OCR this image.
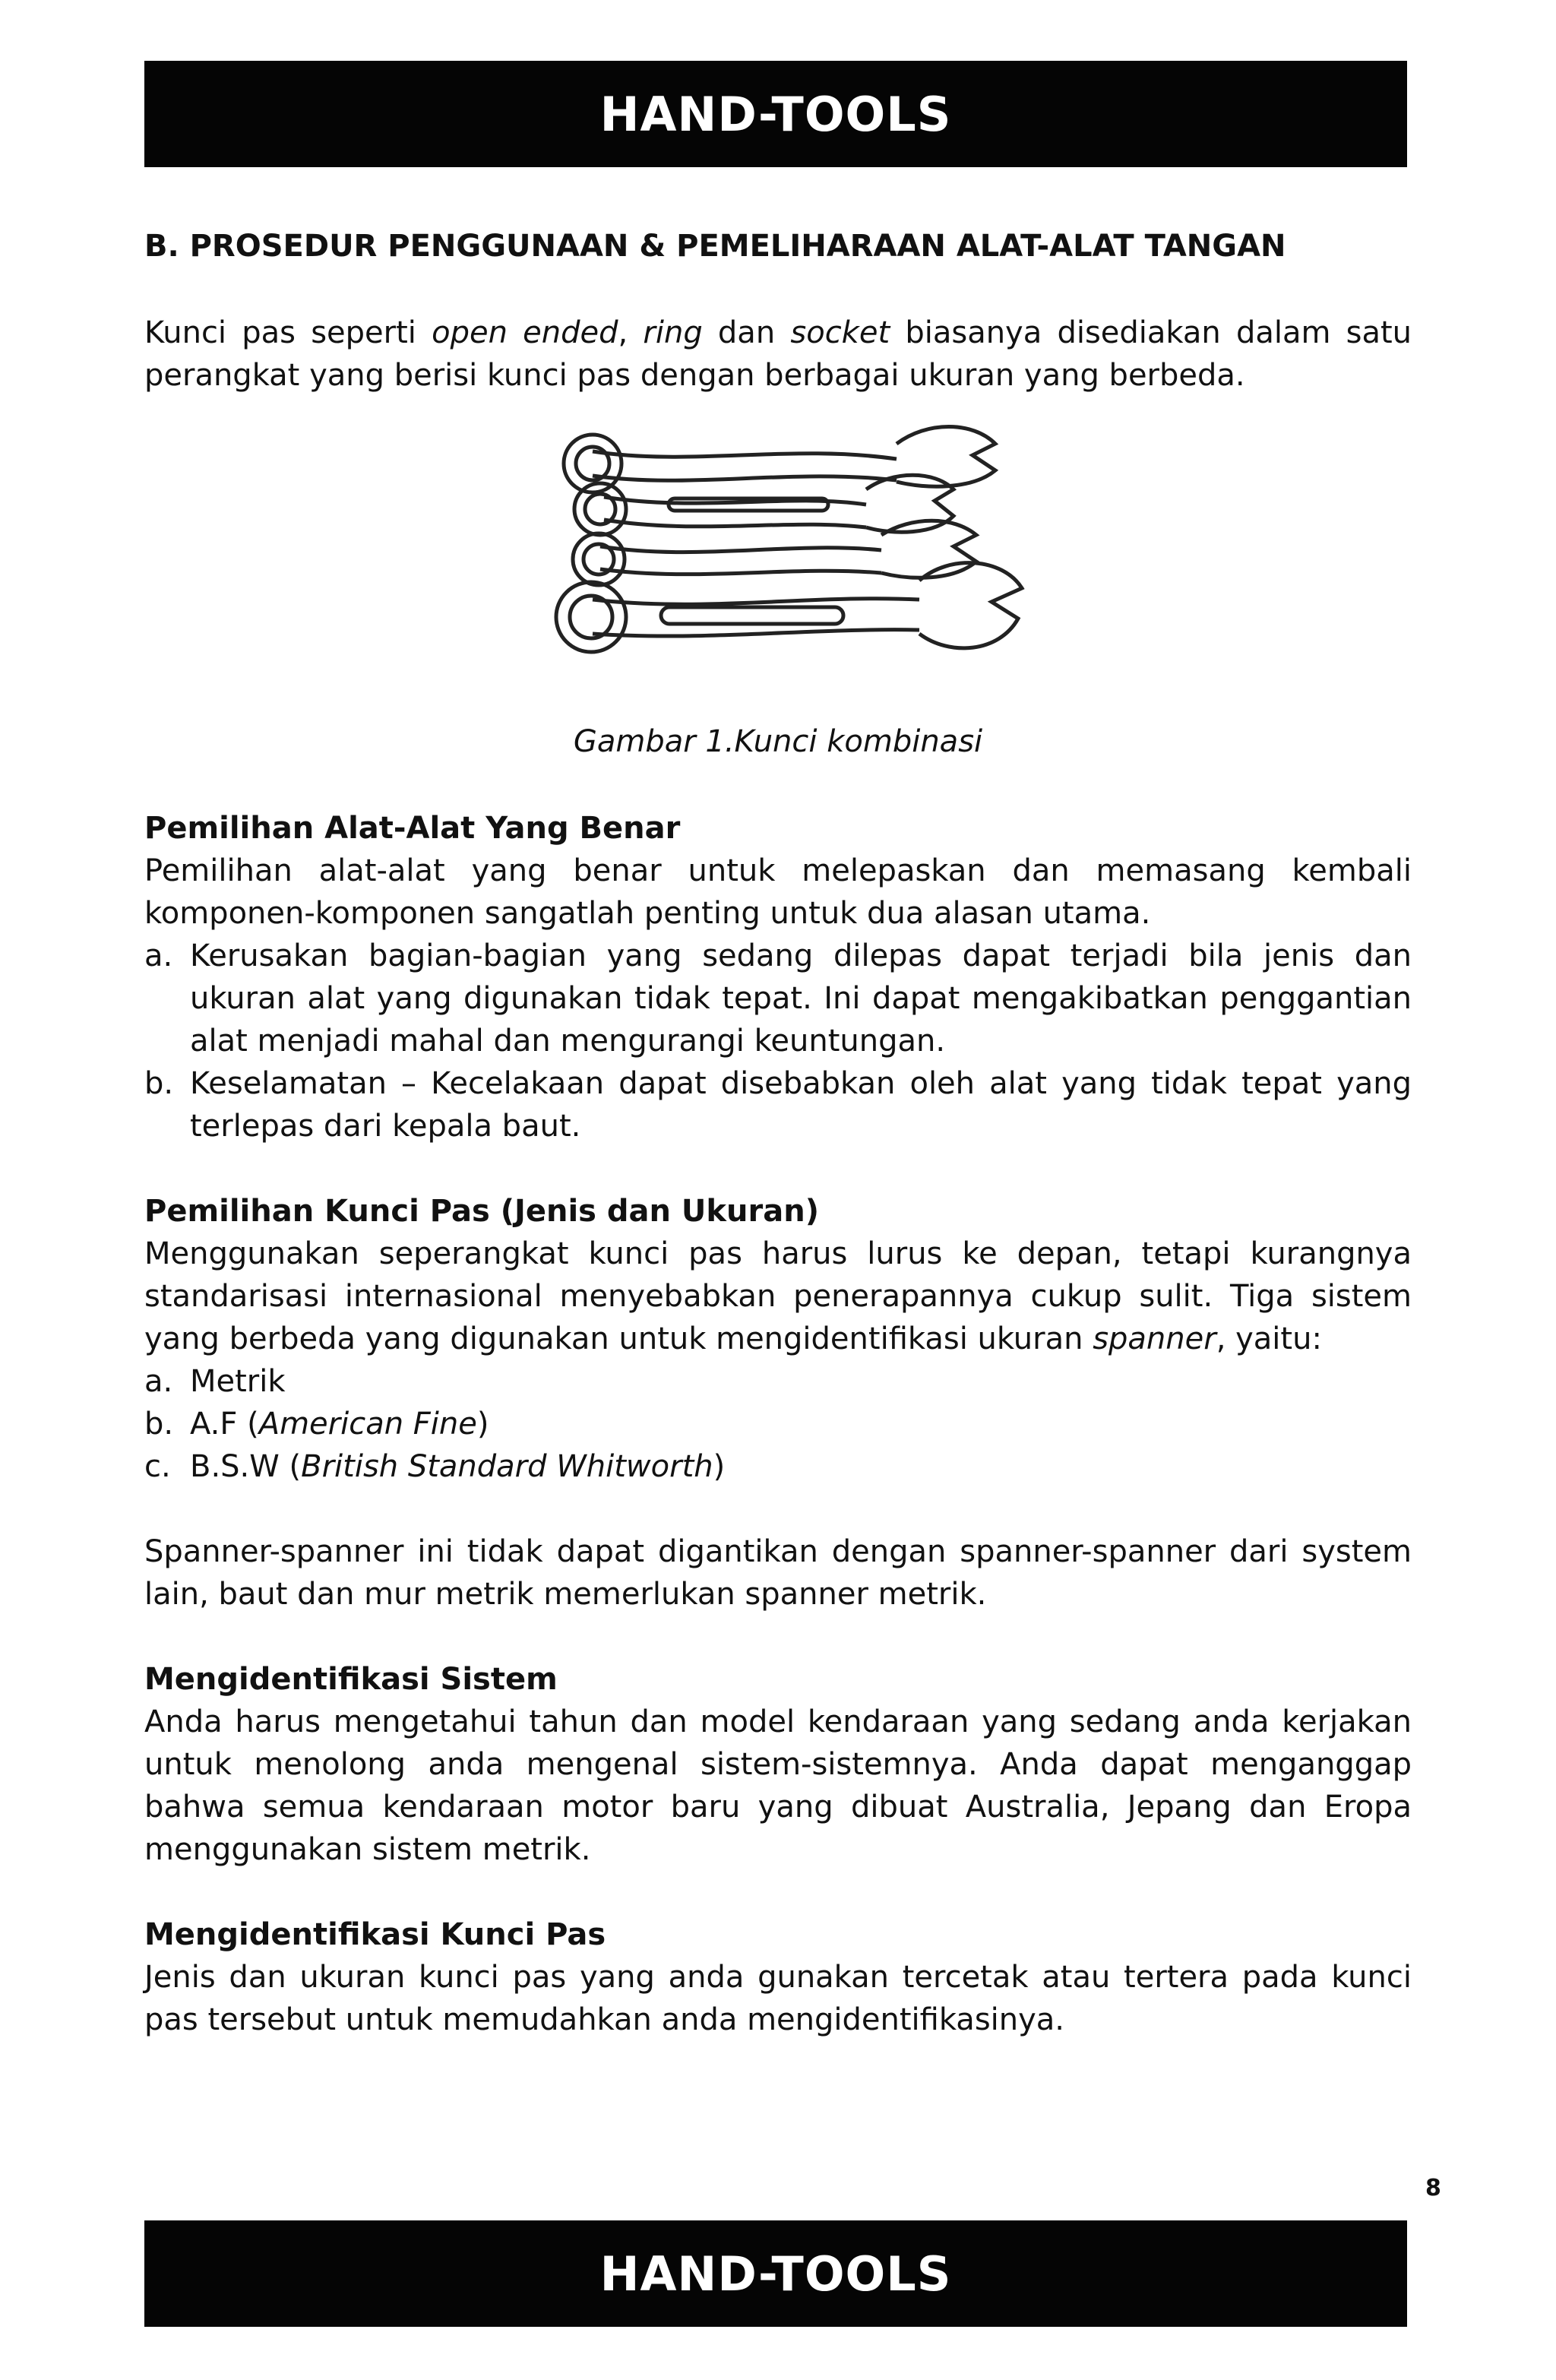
HAND-TOOLS
B. PROSEDUR PENGGUNAAN & PEMELIHARAAN ALAT-ALAT TANGAN

Kunci pas seperti open ended, ring dan socket biasanya disediakan dalam satu perangkat yang berisi kunci pas dengan berbagai ukuran yang berbeda.

Gambar 1.Kunci kombinasi

Pemilihan Alat-Alat Yang Benar

Pemilihan alat-alat yang benar untuk melepaskan dan memasang kembali komponen-komponen sangatlah penting untuk dua alasan utama.

a. Kerusakan bagian-bagian yang sedang dilepas dapat terjadi bila jenis dan ukuran alat yang digunakan tidak tepat. Ini dapat mengakibatkan penggantian alat menjadi mahal dan mengurangi keuntungan.
b. Keselamatan – Kecelakaan dapat disebabkan oleh alat yang tidak tepat yang terlepas dari kepala baut.

Pemilihan Kunci Pas (Jenis dan Ukuran)

Menggunakan seperangkat kunci pas harus lurus ke depan, tetapi kurangnya standarisasi internasional menyebabkan penerapannya cukup sulit. Tiga sistem yang berbeda yang digunakan untuk mengidentifikasi ukuran spanner, yaitu:

a. Metrik
b. A.F (American Fine)
c. B.S.W (British Standard Whitworth)

Spanner-spanner ini tidak dapat digantikan dengan spanner-spanner dari system lain, baut dan mur metrik memerlukan spanner metrik.

Mengidentifikasi Sistem

Anda harus mengetahui tahun dan model kendaraan yang sedang anda kerjakan untuk menolong anda mengenal sistem-sistemnya. Anda dapat menganggap bahwa semua kendaraan motor baru yang dibuat Australia, Jepang dan Eropa menggunakan sistem metrik.

Mengidentifikasi Kunci Pas

Jenis dan ukuran kunci pas yang anda gunakan tercetak atau tertera pada kunci pas tersebut untuk memudahkan anda mengidentifikasinya.

8
HAND-TOOLS
